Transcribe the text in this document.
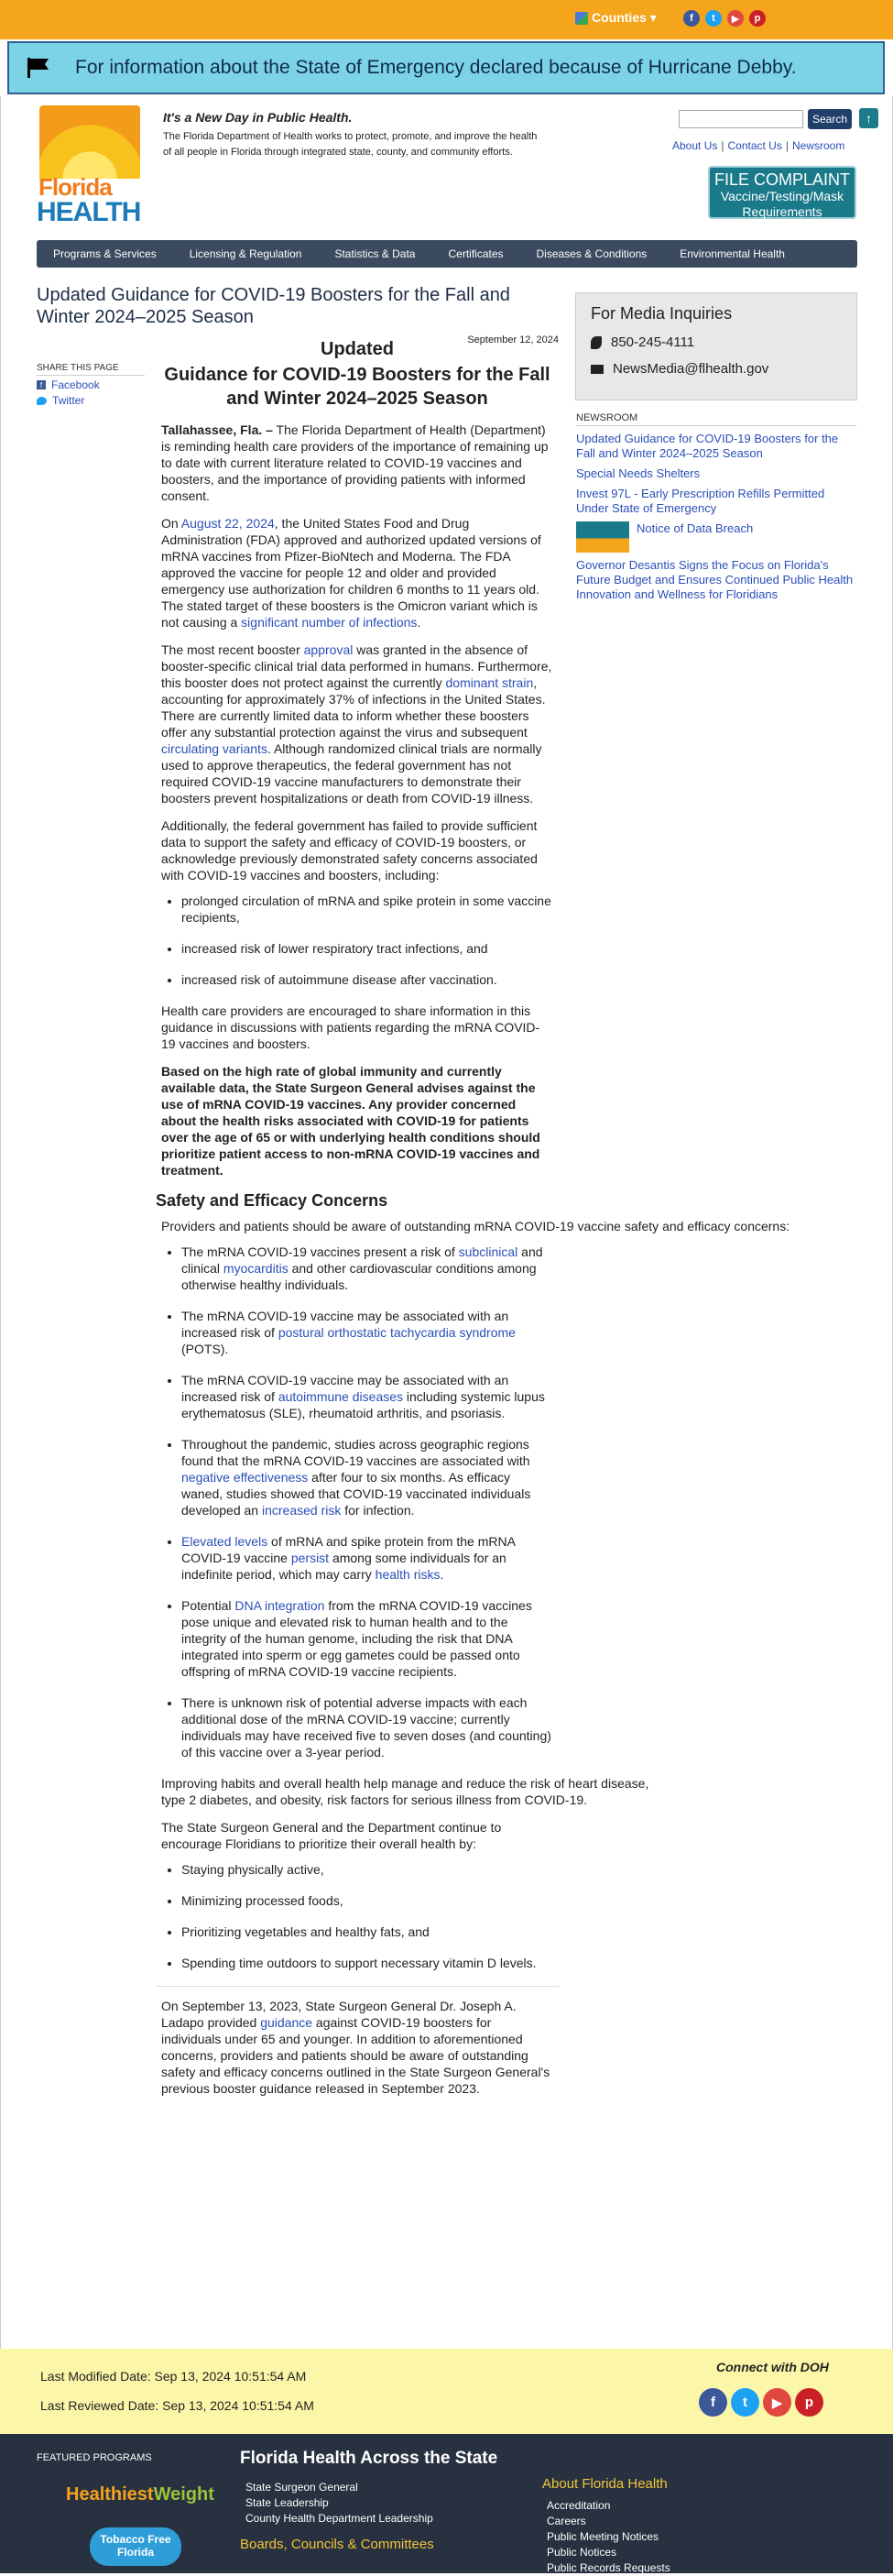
Counties ▾	f	t	▶	p
For information about the State of Emergency declared because of Hurricane Debby.
Florida
HEALTH
It's a New Day in Public Health.
The Florida Department of Health works to protect, promote, and improve the health of all people in Florida through integrated state, county, and community efforts.
Search	↑
About Us | Contact Us | Newsroom
FILE COMPLAINT
Vaccine/Testing/Mask
Requirements
Programs & Services	Licensing & Regulation	Statistics & Data	Certificates	Diseases & Conditions	Environmental Health
Updated Guidance for COVID-19 Boosters for the Fall and Winter 2024–2025 Season
SHARE THIS PAGE
f Facebook
Twitter
September 12, 2024
Updated
Guidance for COVID-19 Boosters for the Fall and Winter 2024–2025 Season

Tallahassee, Fla. – The Florida Department of Health (Department) is reminding health care providers of the importance of remaining up to date with current literature related to COVID-19 vaccines and boosters, and the importance of providing patients with informed consent.

On August 22, 2024, the United States Food and Drug Administration (FDA) approved and authorized updated versions of mRNA vaccines from Pfizer-BioNtech and Moderna. The FDA approved the vaccine for people 12 and older and provided emergency use authorization for children 6 months to 11 years old. The stated target of these boosters is the Omicron variant which is not causing a significant number of infections.

The most recent booster approval was granted in the absence of booster-specific clinical trial data performed in humans. Furthermore, this booster does not protect against the currently dominant strain, accounting for approximately 37% of infections in the United States. There are currently limited data to inform whether these boosters offer any substantial protection against the virus and subsequent circulating variants. Although randomized clinical trials are normally used to approve therapeutics, the federal government has not required COVID-19 vaccine manufacturers to demonstrate their boosters prevent hospitalizations or death from COVID-19 illness.

Additionally, the federal government has failed to provide sufficient data to support the safety and efficacy of COVID-19 boosters, or acknowledge previously demonstrated safety concerns associated with COVID-19 vaccines and boosters, including:

• prolonged circulation of mRNA and spike protein in some vaccine recipients,
• increased risk of lower respiratory tract infections, and
• increased risk of autoimmune disease after vaccination.

Health care providers are encouraged to share information in this guidance in discussions with patients regarding the mRNA COVID-19 vaccines and boosters.

Based on the high rate of global immunity and currently available data, the State Surgeon General advises against the use of mRNA COVID-19 vaccines. Any provider concerned about the health risks associated with COVID-19 for patients over the age of 65 or with underlying health conditions should prioritize patient access to non-mRNA COVID-19 vaccines and treatment.

Safety and Efficacy Concerns

Providers and patients should be aware of outstanding mRNA COVID-19 vaccine safety and efficacy concerns:

• The mRNA COVID-19 vaccines present a risk of subclinical and clinical myocarditis and other cardiovascular conditions among otherwise healthy individuals.
• The mRNA COVID-19 vaccine may be associated with an increased risk of postural orthostatic tachycardia syndrome (POTS).
• The mRNA COVID-19 vaccine may be associated with an increased risk of autoimmune diseases including systemic lupus erythematosus (SLE), rheumatoid arthritis, and psoriasis.
• Throughout the pandemic, studies across geographic regions found that the mRNA COVID-19 vaccines are associated with negative effectiveness after four to six months. As efficacy waned, studies showed that COVID-19 vaccinated individuals developed an increased risk for infection.
• Elevated levels of mRNA and spike protein from the mRNA COVID-19 vaccine persist among some individuals for an indefinite period, which may carry health risks.
• Potential DNA integration from the mRNA COVID-19 vaccines pose unique and elevated risk to human health and to the integrity of the human genome, including the risk that DNA integrated into sperm or egg gametes could be passed onto offspring of mRNA COVID-19 vaccine recipients.
• There is unknown risk of potential adverse impacts with each additional dose of the mRNA COVID-19 vaccine; currently individuals may have received five to seven doses (and counting) of this vaccine over a 3-year period.

Improving habits and overall health help manage and reduce the risk of heart disease, type 2 diabetes, and obesity, risk factors for serious illness from COVID-19.

The State Surgeon General and the Department continue to encourage Floridians to prioritize their overall health by:

• Staying physically active,
• Minimizing processed foods,
• Prioritizing vegetables and healthy fats, and
• Spending time outdoors to support necessary vitamin D levels.

On September 13, 2023, State Surgeon General Dr. Joseph A. Ladapo provided guidance against COVID-19 boosters for individuals under 65 and younger. In addition to aforementioned concerns, providers and patients should be aware of outstanding safety and efficacy concerns outlined in the State Surgeon General's previous booster guidance released in September 2023.

For Media Inquiries
850-245-4111
NewsMedia@flhealth.gov
NEWSROOM
Updated Guidance for COVID-19 Boosters for the Fall and Winter 2024–2025 Season
Special Needs Shelters
Invest 97L - Early Prescription Refills Permitted Under State of Emergency
Notice of Data Breach
Governor Desantis Signs the Focus on Florida's Future Budget and Ensures Continued Public Health Innovation and Wellness for Floridians
Last Modified Date: Sep 13, 2024 10:51:54 AM
Last Reviewed Date: Sep 13, 2024 10:51:54 AM
Connect with DOH
f	t	▶	p
FEATURED PROGRAMS
HealthiestWeight
Tobacco Free Florida
Florida Health Across the State
State Surgeon General
State Leadership
County Health Department Leadership
Boards, Councils & Committees
About Florida Health
Accreditation
Careers
Public Meeting Notices
Public Notices
Public Records Requests
